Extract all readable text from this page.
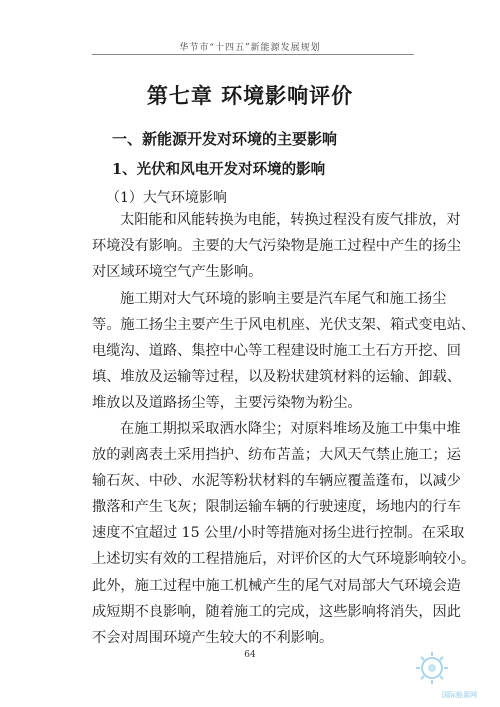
华节市“十四五”新能源发展规划
第七章 环境影响评价
一、新能源开发对环境的主要影响
1、光伏和风电开发对环境的影响
（1）大气环境影响
太阳能和风能转换为电能，转换过程没有废气排放，对
环境没有影响。主要的大气污染物是施工过程中产生的扬尘
对区域环境空气产生影响。
施工期对大气环境的影响主要是汽车尾气和施工扬尘
等。施工扬尘主要产生于风电机座、光伏支架、箱式变电站、
电缆沟、道路、集控中心等工程建设时施工土石方开挖、回
填、堆放及运输等过程，以及粉状建筑材料的运输、卸载、
堆放以及道路扬尘等，主要污染物为粉尘。
在施工期拟采取洒水降尘；对原料堆场及施工中集中堆
放的剥离表土采用挡护、纺布苫盖；大风天气禁止施工；运
输石灰、中砂、水泥等粉状材料的车辆应覆盖蓬布，以减少
撒落和产生飞灰；限制运输车辆的行驶速度，场地内的行车
速度不宜超过 15 公里/小时等措施对扬尘进行控制。在采取
上述切实有效的工程措施后，对评价区的大气环境影响较小。
此外，施工过程中施工机械产生的尾气对局部大气环境会造
成短期不良影响，随着施工的完成，这些影响将消失，因此
不会对周围环境产生较大的不利影响。
64
国际能源网
